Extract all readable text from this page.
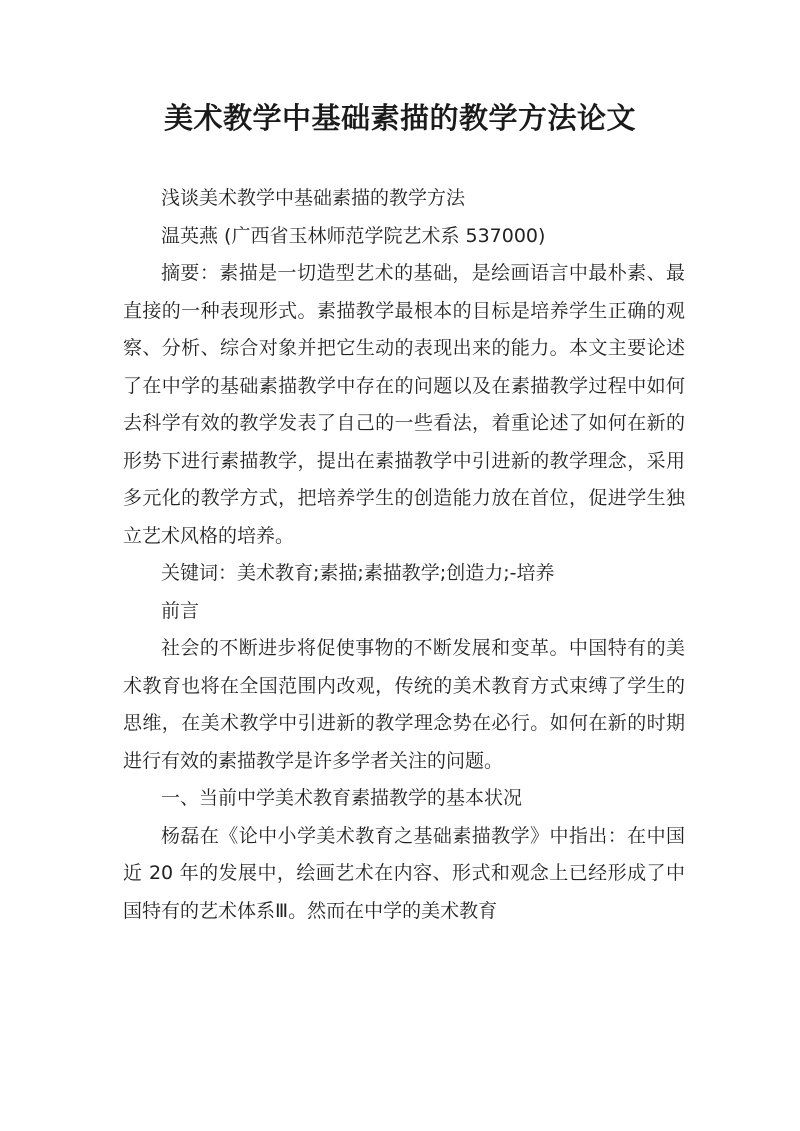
美术教学中基础素描的教学方法论文

浅谈美术教学中基础素描的教学方法

温英燕 (广西省玉林师范学院艺术系 537000)

摘要：素描是一切造型艺术的基础，是绘画语言中最朴素、最直接的一种表现形式。素描教学最根本的目标是培养学生正确的观察、分析、综合对象并把它生动的表现出来的能力。本文主要论述了在中学的基础素描教学中存在的问题以及在素描教学过程中如何去科学有效的教学发表了自己的一些看法，着重论述了如何在新的形势下进行素描教学，提出在素描教学中引进新的教学理念，采用多元化的教学方式，把培养学生的创造能力放在首位，促进学生独立艺术风格的培养。

关键词：美术教育;素描;素描教学;创造力;-培养

前言

社会的不断进步将促使事物的不断发展和变革。中国特有的美术教育也将在全国范围内改观，传统的美术教育方式束缚了学生的思维，在美术教学中引进新的教学理念势在必行。如何在新的时期进行有效的素描教学是许多学者关注的问题。

一、当前中学美术教育素描教学的基本状况

杨磊在《论中小学美术教育之基础素描教学》中指出：在中国近 20 年的发展中，绘画艺术在内容、形式和观念上已经形成了中国特有的艺术体系Ⅲ。然而在中学的美术教育
